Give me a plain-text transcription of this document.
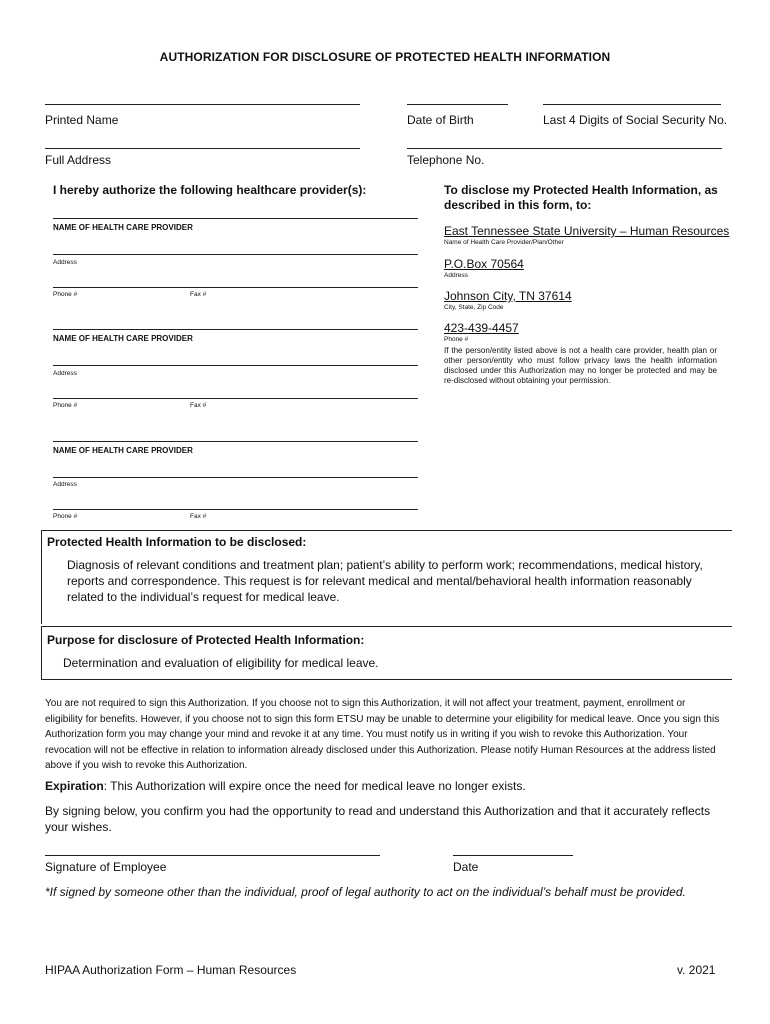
AUTHORIZATION FOR DISCLOSURE OF PROTECTED HEALTH INFORMATION
Printed Name	Date of Birth	Last 4 Digits of Social Security No.
Full Address	Telephone No.
I hereby authorize the following healthcare provider(s):
NAME OF HEALTH CARE PROVIDER
Address
Phone #	Fax #
NAME OF HEALTH CARE PROVIDER
Address
Phone #	Fax #
NAME OF HEALTH CARE PROVIDER
Address
Phone #	Fax #
To disclose my Protected Health Information, as described in this form, to:
East Tennessee State University – Human Resources
Name of Health Care Provider/Plan/Other
P.O.Box 70564
Address
Johnson City, TN 37614
City, State, Zip Code
423-439-4457
Phone #
If the person/entity listed above is not a health care provider, health plan or other person/entity who must follow privacy laws the health information disclosed under this Authorization may no longer be protected and may be re-disclosed without obtaining your permission.
Protected Health Information to be disclosed:
Diagnosis of relevant conditions and treatment plan; patient’s ability to perform work; recommendations, medical history, reports and correspondence. This request is for relevant medical and mental/behavioral health information reasonably related to the individual’s request for medical leave.
Purpose for disclosure of Protected Health Information:
Determination and evaluation of eligibility for medical leave.
You are not required to sign this Authorization. If you choose not to sign this Authorization, it will not affect your treatment, payment, enrollment or eligibility for benefits. However, if you choose not to sign this form ETSU may be unable to determine your eligibility for medical leave. Once you sign this Authorization form you may change your mind and revoke it at any time. You must notify us in writing if you wish to revoke this Authorization. Your revocation will not be effective in relation to information already disclosed under this Authorization. Please notify Human Resources at the address listed above if you wish to revoke this Authorization.
Expiration: This Authorization will expire once the need for medical leave no longer exists.
By signing below, you confirm you had the opportunity to read and understand this Authorization and that it accurately reflects your wishes.
Signature of Employee	Date
*If signed by someone other than the individual, proof of legal authority to act on the individual’s behalf must be provided.
HIPAA Authorization Form – Human Resources	v. 2021
